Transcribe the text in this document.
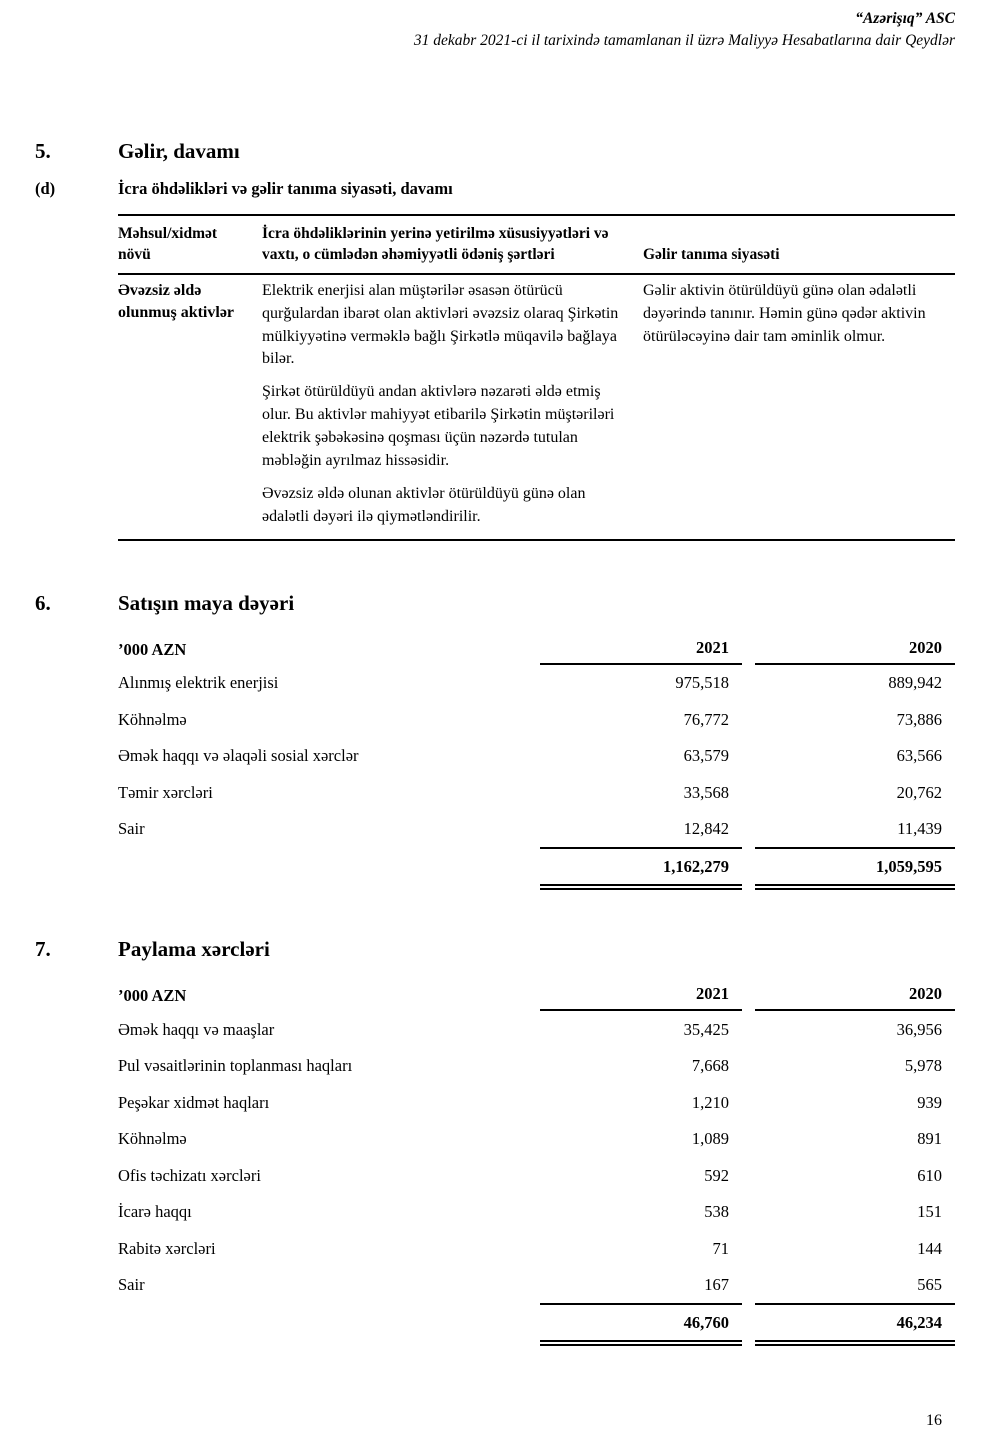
“Azərişıq” ASC
31 dekabr 2021-ci il tarixində tamamlanan il üzrə Maliyyə Hesabatlarına dair Qeydlər
5.	Gəlir, davamı
(d)	İcra öhdəlikləri və gəlir tanıma siyasəti, davamı
Məhsul/xidmət növü	İcra öhdəliklərinin yerinə yetirilmə xüsusiyyətləri və vaxtı, o cümlədən əhəmiyyətli ödəniş şərtləri	Gəlir tanıma siyasəti
Əvəzsiz əldə olunmuş aktivlər	Elektrik enerjisi alan müştərilər əsasən ötürücü qurğulardan ibarət olan aktivləri əvəzsiz olaraq Şirkətin mülkiyyətinə verməklə bağlı Şirkətlə müqavilə bağlaya bilər.

Şirkət ötürüldüyü andan aktivlərə nəzarəti əldə etmiş olur. Bu aktivlər mahiyyət etibarilə Şirkətin müştəriləri elektrik şəbəkəsinə qoşması üçün nəzərdə tutulan məbləğin ayrılmaz hissəsidir.

Əvəzsiz əldə olunan aktivlər ötürüldüyü günə olan ədalətli dəyəri ilə qiymətləndirilir.	Gəlir aktivin ötürüldüyü günə olan ədalətli dəyərində tanınır. Həmin günə qədər aktivin ötürüləcəyinə dair tam əminlik olmur.

6.	Satışın maya dəyəri
’000 AZN	2021	2020
Alınmış elektrik enerjisi	975,518	889,942
Köhnəlmə	76,772	73,886
Əmək haqqı və əlaqəli sosial xərclər	63,579	63,566
Təmir xərcləri	33,568	20,762
Sair	12,842	11,439
1,162,279	1,059,595
7.	Paylama xərcləri
’000 AZN	2021	2020
Əmək haqqı və maaşlar	35,425	36,956
Pul vəsaitlərinin toplanması haqları	7,668	5,978
Peşəkar xidmət haqları	1,210	939
Köhnəlmə	1,089	891
Ofis təchizatı xərcləri	592	610
İcarə haqqı	538	151
Rabitə xərcləri	71	144
Sair	167	565
46,760	46,234
16
